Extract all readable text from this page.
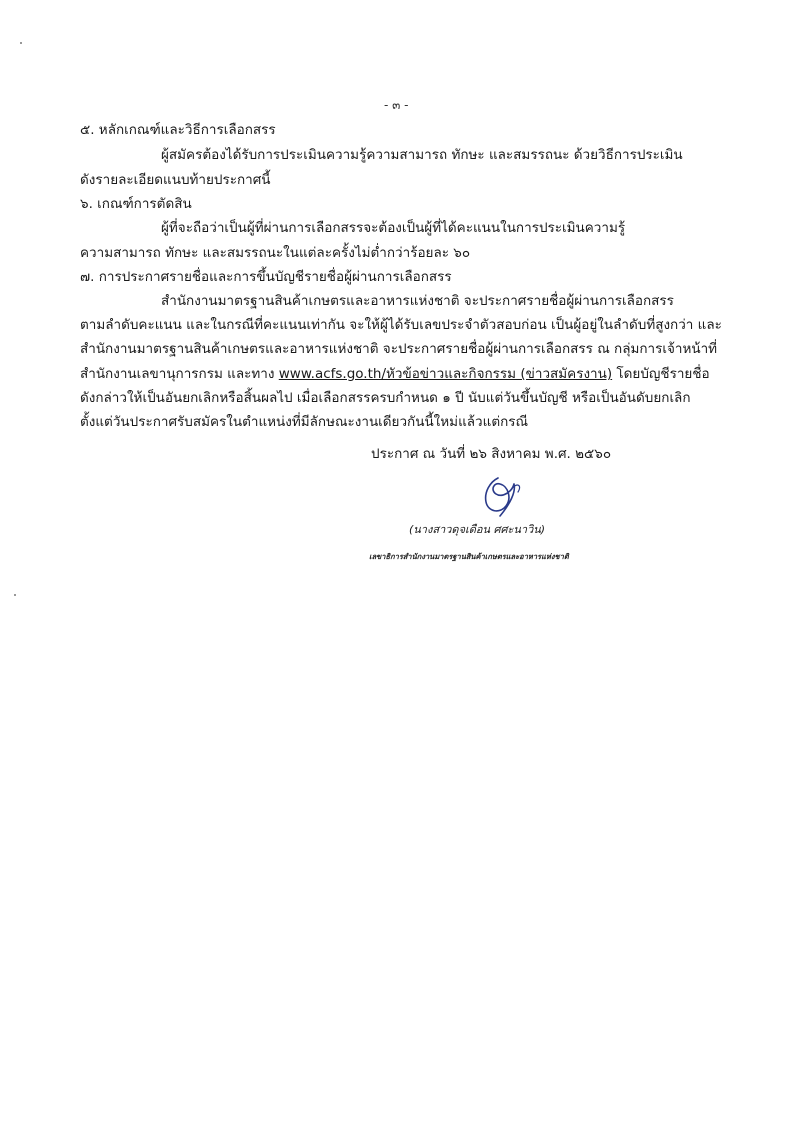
- ๓ -
๕. หลักเกณฑ์และวิธีการเลือกสรร
ผู้สมัครต้องได้รับการประเมินความรู้ความสามารถ ทักษะ และสมรรถนะ ด้วยวิธีการประเมิน
ดังรายละเอียดแนบท้ายประกาศนี้
๖. เกณฑ์การตัดสิน
ผู้ที่จะถือว่าเป็นผู้ที่ผ่านการเลือกสรรจะต้องเป็นผู้ที่ได้คะแนนในการประเมินความรู้
ความสามารถ ทักษะ และสมรรถนะในแต่ละครั้งไม่ต่ำกว่าร้อยละ ๖๐
๗. การประกาศรายชื่อและการขึ้นบัญชีรายชื่อผู้ผ่านการเลือกสรร
สำนักงานมาตรฐานสินค้าเกษตรและอาหารแห่งชาติ จะประกาศรายชื่อผู้ผ่านการเลือกสรร
ตามลำดับคะแนน และในกรณีที่คะแนนเท่ากัน จะให้ผู้ได้รับเลขประจำตัวสอบก่อน เป็นผู้อยู่ในลำดับที่สูงกว่า และ
สำนักงานมาตรฐานสินค้าเกษตรและอาหารแห่งชาติ จะประกาศรายชื่อผู้ผ่านการเลือกสรร ณ กลุ่มการเจ้าหน้าที่
สำนักงานเลขานุการกรม และทาง www.acfs.go.th/หัวข้อข่าวและกิจกรรม (ข่าวสมัครงาน) โดยบัญชีรายชื่อ
ดังกล่าวให้เป็นอันยกเลิกหรือสิ้นผลไป เมื่อเลือกสรรครบกำหนด ๑ ปี นับแต่วันขึ้นบัญชี หรือเป็นอันดับยกเลิก
ตั้งแต่วันประกาศรับสมัครในตำแหน่งที่มีลักษณะงานเดียวกันนี้ใหม่แล้วแต่กรณี
ประกาศ ณ วันที่ ๒๖ สิงหาคม พ.ศ. ๒๕๖๐
(นางสาวดุจเดือน ศศะนาวิน)
เลขาธิการสำนักงานมาตรฐานสินค้าเกษตรและอาหารแห่งชาติ
